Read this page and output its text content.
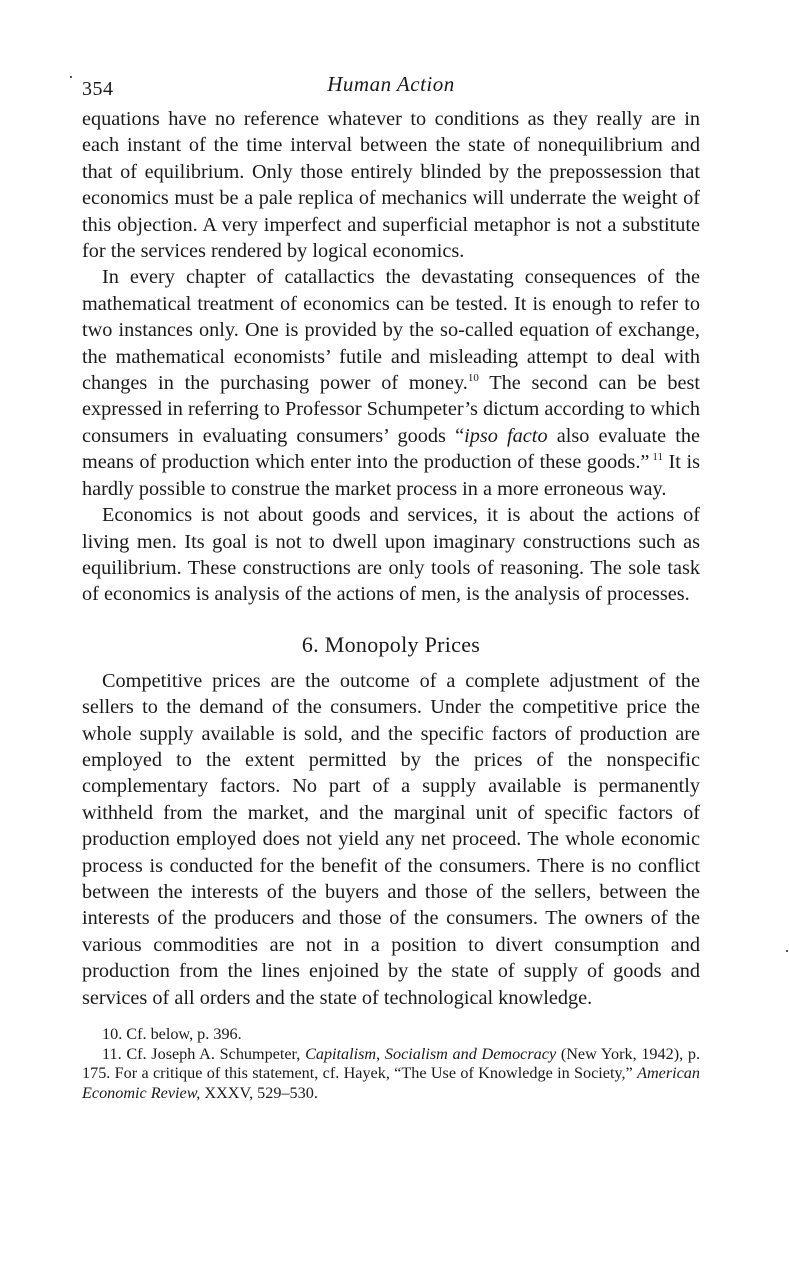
354	Human Action

equations have no reference whatever to conditions as they really are in each instant of the time interval between the state of nonequilibrium and that of equilibrium. Only those entirely blinded by the prepossession that economics must be a pale replica of mechanics will underrate the weight of this objection. A very imperfect and superficial metaphor is not a substitute for the services rendered by logical economics.

In every chapter of catallactics the devastating consequences of the mathematical treatment of economics can be tested. It is enough to refer to two instances only. One is provided by the so-called equation of exchange, the mathematical economists’ futile and misleading attempt to deal with changes in the purchasing power of money.$^{10}$ The second can be best expressed in referring to Professor Schumpeter’s dictum according to which consumers in evaluating consumers’ goods “ipso facto also evaluate the means of production which enter into the production of these goods.” $^{11}$ It is hardly possible to construe the market process in a more erroneous way.

Economics is not about goods and services, it is about the actions of living men. Its goal is not to dwell upon imaginary constructions such as equilibrium. These constructions are only tools of reasoning. The sole task of economics is analysis of the actions of men, is the analysis of processes.

6. Monopoly Prices

Competitive prices are the outcome of a complete adjustment of the sellers to the demand of the consumers. Under the competitive price the whole supply available is sold, and the specific factors of production are employed to the extent permitted by the prices of the nonspecific complementary factors. No part of a supply available is permanently withheld from the market, and the marginal unit of specific factors of production employed does not yield any net proceed. The whole economic process is conducted for the benefit of the consumers. There is no conflict between the interests of the buyers and those of the sellers, between the interests of the producers and those of the consumers. The owners of the various commodities are not in a position to divert consumption and production from the lines enjoined by the state of supply of goods and services of all orders and the state of technological knowledge.

10. Cf. below, p. 396.

11. Cf. Joseph A. Schumpeter, Capitalism, Socialism and Democracy (New York, 1942), p. 175. For a critique of this statement, cf. Hayek, “The Use of Knowledge in Society,” American Economic Review, XXXV, 529–530.
